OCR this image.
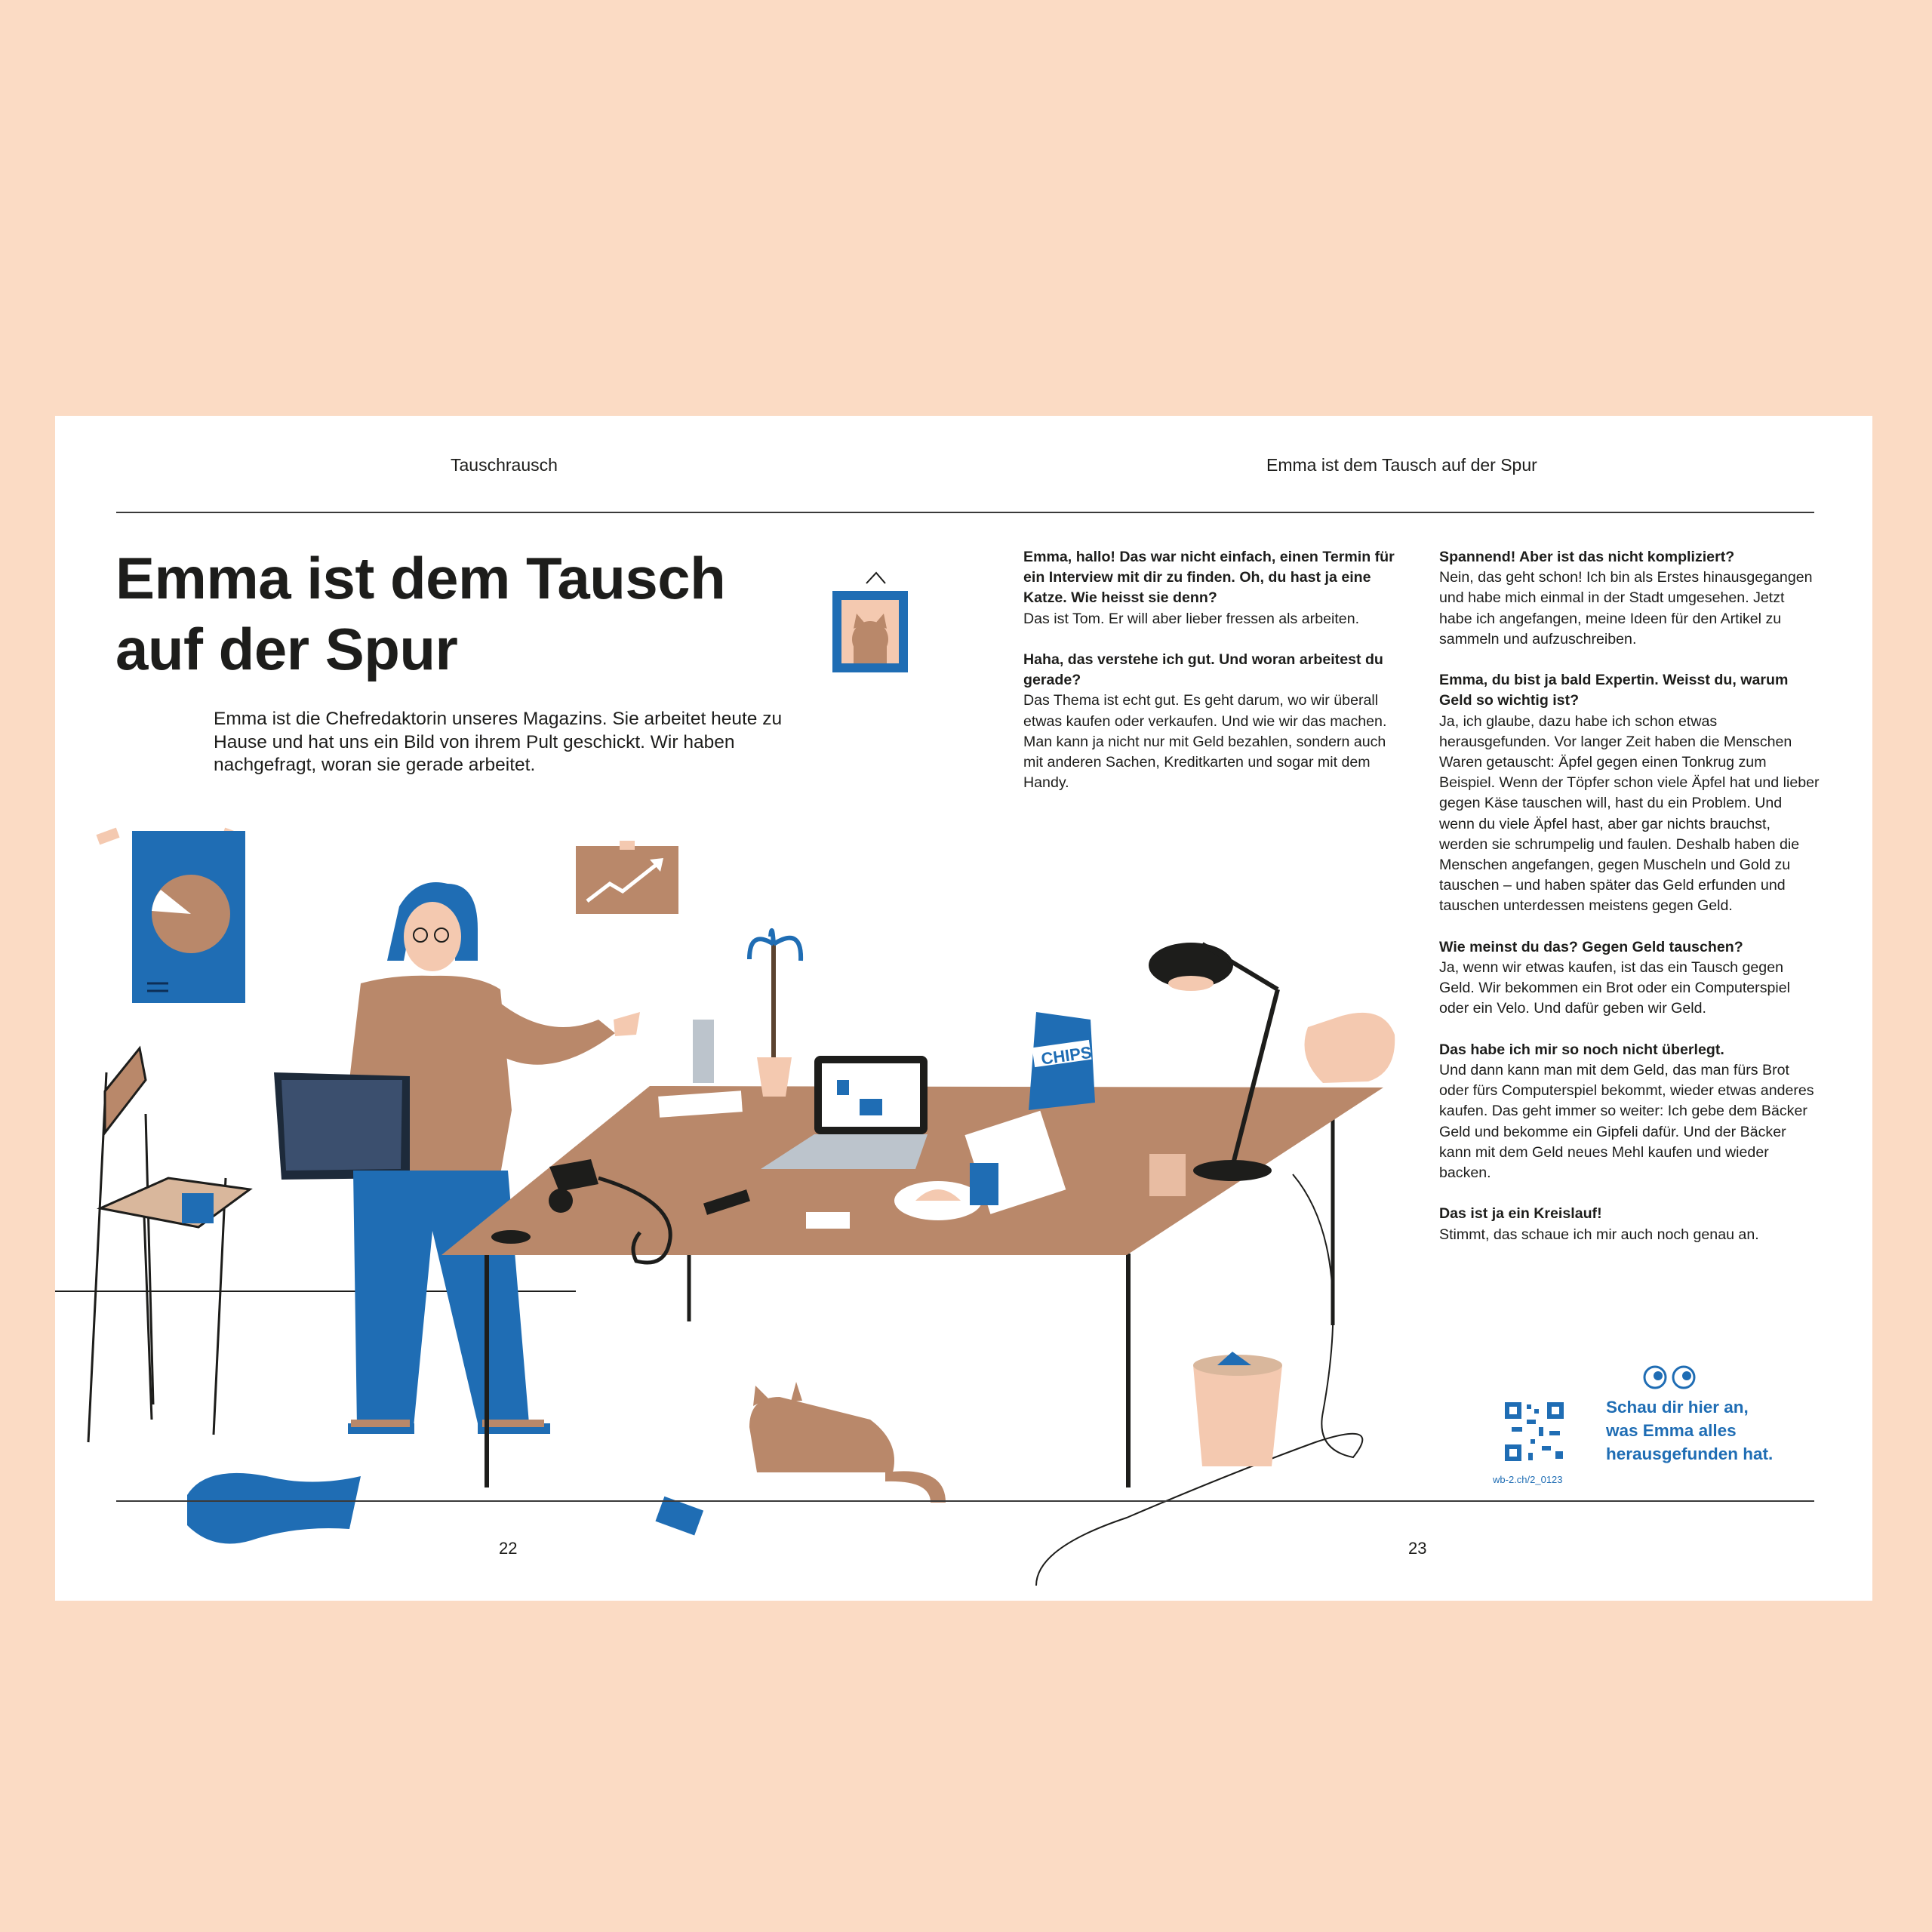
CHIPS
Tauschrausch	Emma ist dem Tausch auf der Spur
Emma ist dem Tausch
auf der Spur

Emma ist die Chefredaktorin unseres Magazins. Sie arbeitet heute zu Hause und hat uns ein Bild von ihrem Pult geschickt. Wir haben nachgefragt, woran sie gerade arbeitet.

Emma, hallo! Das war nicht einfach, einen Termin für ein Interview mit dir zu finden. Oh, du hast ja eine Katze. Wie heisst sie denn?
Das ist Tom. Er will aber lieber fressen als arbeiten.

Haha, das verstehe ich gut. Und woran arbeitest du gerade?
Das Thema ist echt gut. Es geht darum, wo wir überall etwas kaufen oder verkaufen. Und wie wir das machen. Man kann ja nicht nur mit Geld bezahlen, sondern auch mit anderen Sachen, Kreditkarten und sogar mit dem Handy.

Spannend! Aber ist das nicht kompliziert?
Nein, das geht schon! Ich bin als Erstes hinausgegangen und habe mich einmal in der Stadt umgesehen. Jetzt habe ich angefangen, meine Ideen für den Artikel zu sammeln und aufzuschreiben.

Emma, du bist ja bald Expertin. Weisst du, warum Geld so wichtig ist?
Ja, ich glaube, dazu habe ich schon etwas herausgefunden. Vor langer Zeit haben die Menschen Waren getauscht: Äpfel gegen einen Tonkrug zum Beispiel. Wenn der Töpfer schon viele Äpfel hat und lieber gegen Käse tauschen will, hast du ein Problem. Und wenn du viele Äpfel hast, aber gar nichts brauchst, werden sie schrumpelig und faulen. Deshalb haben die Menschen angefangen, gegen Muscheln und Gold zu tauschen – und haben später das Geld erfunden und tauschen unterdessen meistens gegen Geld.

Wie meinst du das? Gegen Geld tauschen?
Ja, wenn wir etwas kaufen, ist das ein Tausch gegen Geld. Wir bekommen ein Brot oder ein Computerspiel oder ein Velo. Und dafür geben wir Geld.

Das habe ich mir so noch nicht überlegt.
Und dann kann man mit dem Geld, das man fürs Brot oder fürs Computerspiel bekommt, wieder etwas anderes kaufen. Das geht immer so weiter: Ich gebe dem Bäcker Geld und bekomme ein Gipfeli dafür. Und der Bäcker kann mit dem Geld neues Mehl kaufen und wieder backen.

Das ist ja ein Kreislauf!
Stimmt, das schaue ich mir auch noch genau an.

Schau dir hier an,
was Emma alles
herausgefunden hat.
wb-2.ch/2_0123
22	23
